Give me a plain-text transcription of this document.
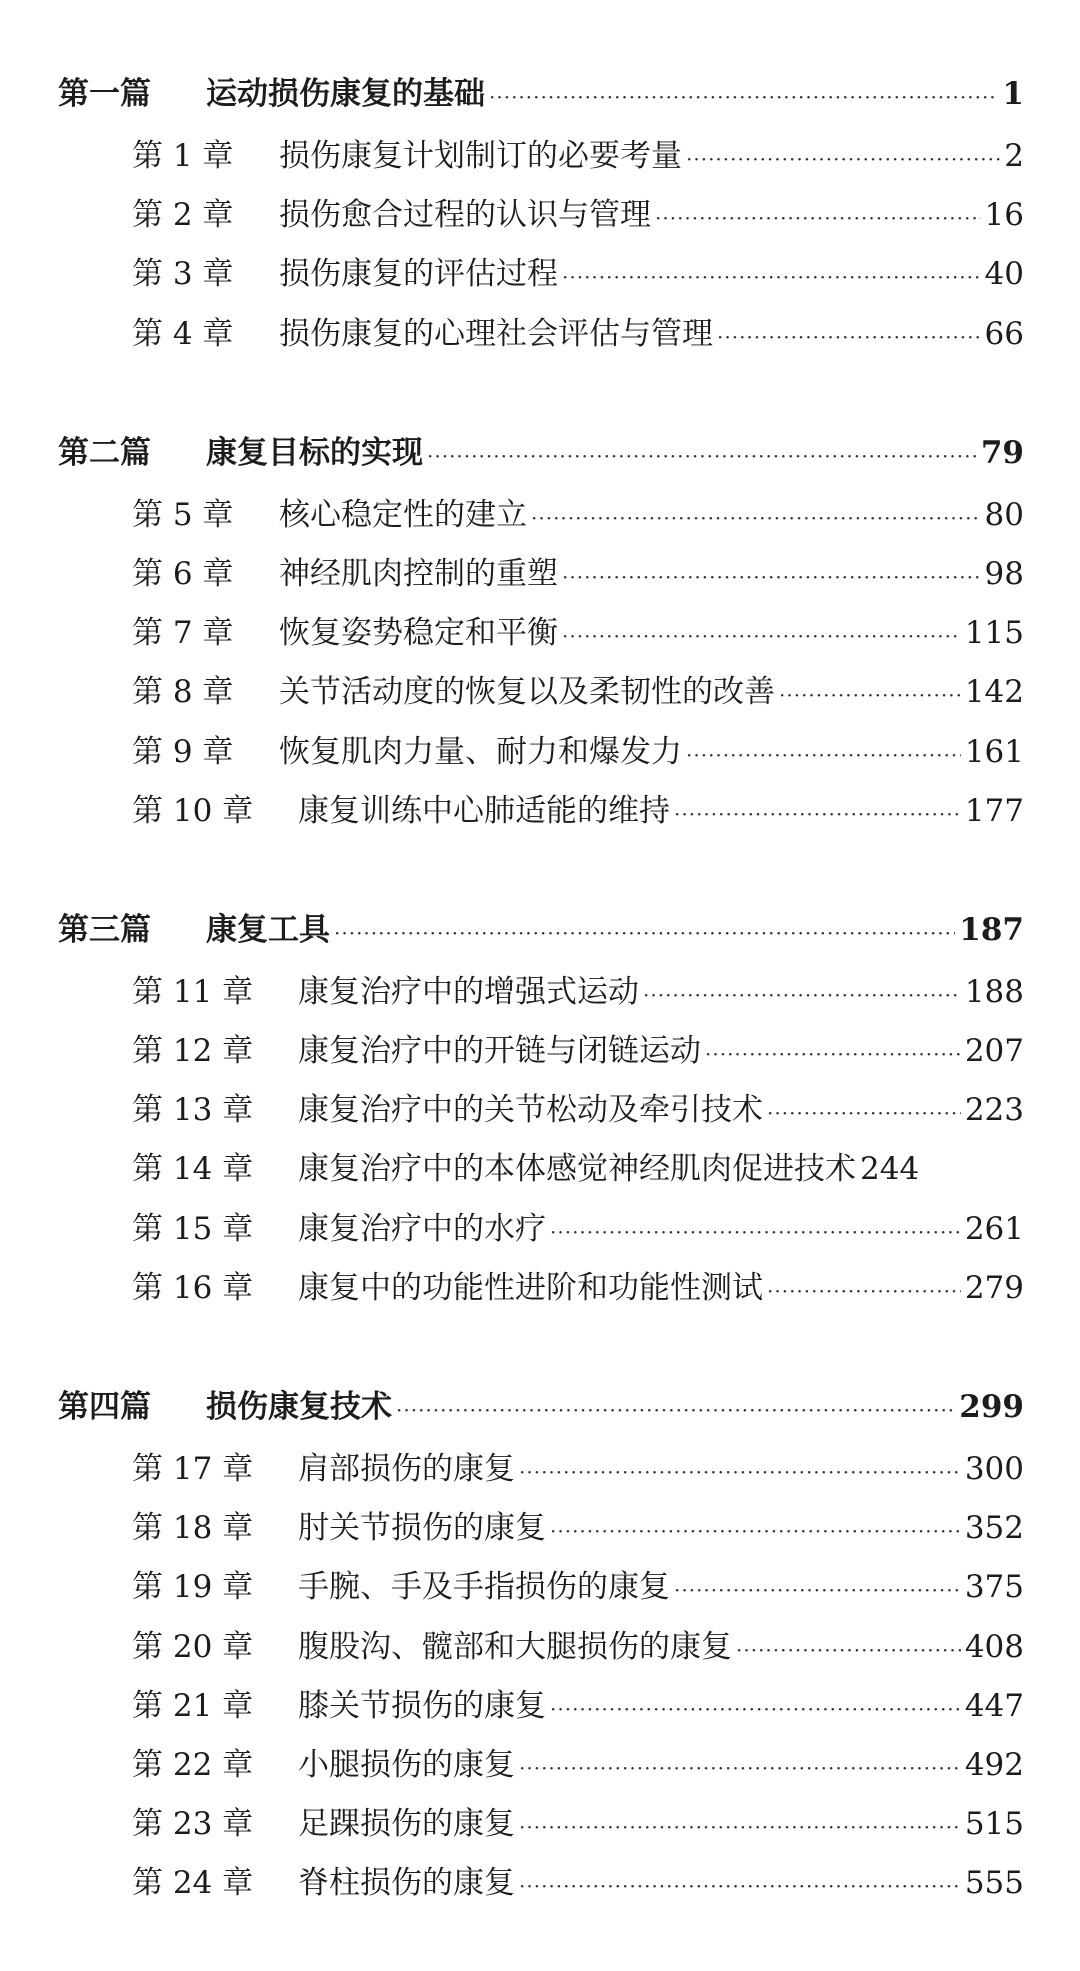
第一篇	运动损伤康复的基础 ·····	1
第 1 章	损伤康复计划制订的必要考量 ·····	2
第 2 章	损伤愈合过程的认识与管理 ·····	16
第 3 章	损伤康复的评估过程 ·····	40
第 4 章	损伤康复的心理社会评估与管理 ·····	66
第二篇	康复目标的实现 ·····	79
第 5 章	核心稳定性的建立 ·····	80
第 6 章	神经肌肉控制的重塑 ·····	98
第 7 章	恢复姿势稳定和平衡 ·····	115
第 8 章	关节活动度的恢复以及柔韧性的改善 ·····	142
第 9 章	恢复肌肉力量、耐力和爆发力 ·····	161
第 10 章	康复训练中心肺适能的维持 ·····	177
第三篇	康复工具 ·····	187
第 11 章	康复治疗中的增强式运动 ·····	188
第 12 章	康复治疗中的开链与闭链运动 ·····	207
第 13 章	康复治疗中的关节松动及牵引技术 ·····	223
第 14 章	康复治疗中的本体感觉神经肌肉促进技术 244
第 15 章	康复治疗中的水疗 ·····	261
第 16 章	康复中的功能性进阶和功能性测试 ·····	279
第四篇	损伤康复技术 ·····	299
第 17 章	肩部损伤的康复 ·····	300
第 18 章	肘关节损伤的康复 ·····	352
第 19 章	手腕、手及手指损伤的康复 ·····	375
第 20 章	腹股沟、髋部和大腿损伤的康复 ·····	408
第 21 章	膝关节损伤的康复 ·····	447
第 22 章	小腿损伤的康复 ·····	492
第 23 章	足踝损伤的康复 ·····	515
第 24 章	脊柱损伤的康复 ·····	555
